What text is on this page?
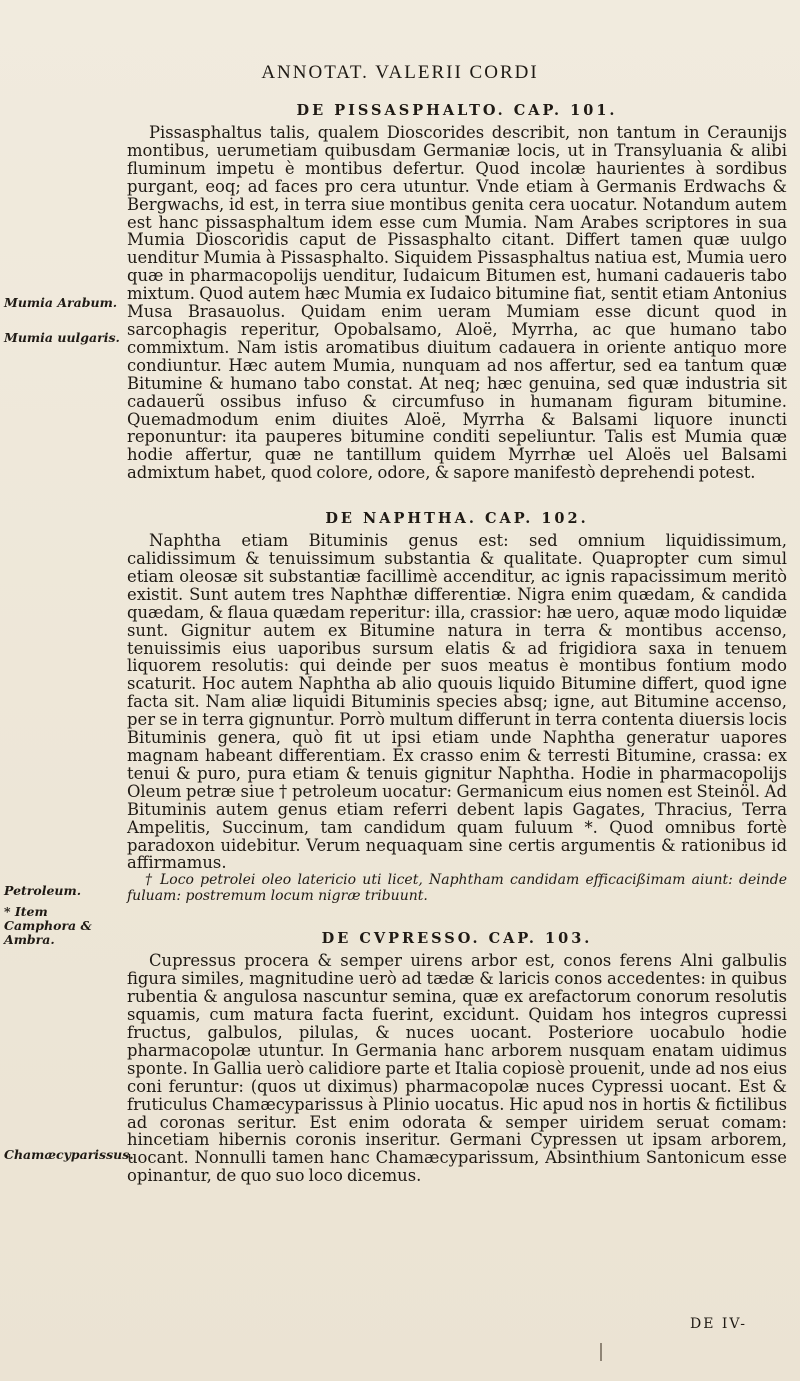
ANNOTAT. VALERII CORDI
Mumia Arabum.
Mumia uulgaris.
Petroleum.
* Item Camphora & Ambra.
Chamæcyparissus.
DE PISSASPHALTO. CAP. 101.

Pissasphaltus talis, qualem Dioscorides describit, non tantum in Ceraunijs montibus, uerumetiam quibusdam Germaniæ locis, ut in Transyluania & alibi fluminum impetu è montibus defertur. Quod incolæ haurientes à sordibus purgant, eoq; ad faces pro cera utuntur. Vnde etiam à Germanis Erdwachs & Bergwachs, id est, in terra siue montibus genita cera uocatur. Notandum autem est hanc pissasphaltum idem esse cum Mumia. Nam Arabes scriptores in sua Mumia Dioscoridis caput de Pissasphalto citant. Differt tamen quæ uulgo uenditur Mumia à Pissasphalto. Siquidem Pissasphaltus natiua est, Mumia uero quæ in pharmacopolijs uenditur, Iudaicum Bitumen est, humani cadaueris tabo mixtum. Quod autem hæc Mumia ex Iudaico bitumine fiat, sentit etiam Antonius Musa Brasauolus. Quidam enim ueram Mumiam esse dicunt quod in sarcophagis reperitur, Opobalsamo, Aloë, Myrrha, ac que humano tabo commixtum. Nam istis aromatibus diuitum cadauera in oriente antiquo more condiuntur. Hæc autem Mumia, nunquam ad nos affertur, sed ea tantum quæ Bitumine & humano tabo constat. At neq; hæc genuina, sed quæ industria sit cadauerũ ossibus infuso & circumfuso in humanam figuram bitumine. Quemadmodum enim diuites Aloë, Myrrha & Balsami liquore inuncti reponuntur: ita pauperes bitumine conditi sepeliuntur. Talis est Mumia quæ hodie affertur, quæ ne tantillum quidem Myrrhæ uel Aloës uel Balsami admixtum habet, quod colore, odore, & sapore manifestò deprehendi potest.

DE NAPHTHA. CAP. 102.

Naphtha etiam Bituminis genus est: sed omnium liquidissimum, calidissimum & tenuissimum substantia & qualitate. Quapropter cum simul etiam oleosæ sit substantiæ facillimè accenditur, ac ignis rapacissimum meritò existit. Sunt autem tres Naphthæ differentiæ. Nigra enim quædam, & candida quædam, & flaua quædam reperitur: illa, crassior: hæ uero, aquæ modo liquidæ sunt. Gignitur autem ex Bitumine natura in terra & montibus accenso, tenuissimis eius uaporibus sursum elatis & ad frigidiora saxa in tenuem liquorem resolutis: qui deinde per suos meatus è montibus fontium modo scaturit. Hoc autem Naphtha ab alio quouis liquido Bitumine differt, quod igne facta sit. Nam aliæ liquidi Bituminis species absq; igne, aut Bitumine accenso, per se in terra gignuntur. Porrò multum differunt in terra contenta diuersis locis Bituminis genera, quò fit ut ipsi etiam unde Naphtha generatur uapores magnam habeant differentiam. Ex crasso enim & terresti Bitumine, crassa: ex tenui & puro, pura etiam & tenuis gignitur Naphtha. Hodie in pharmacopolijs Oleum petræ siue † petroleum uocatur: Germanicum eius nomen est Steinöl. Ad Bituminis autem genus etiam referri debent lapis Gagates, Thracius, Terra Ampelitis, Succinum, tam candidum quam fuluum *. Quod omnibus fortè paradoxon uidebitur. Verum nequaquam sine certis argumentis & rationibus id affirmamus.

† Loco petrolei oleo latericio uti licet, Naphtham candidam efficacißimam aiunt: deinde fuluam: postremum locum nigræ tribuunt.

DE CVPRESSO. CAP. 103.

Cupressus procera & semper uirens arbor est, conos ferens Alni galbulis figura similes, magnitudine uerò ad tædæ & laricis conos accedentes: in quibus rubentia & angulosa nascuntur semina, quæ ex arefactorum conorum resolutis squamis, cum matura facta fuerint, excidunt. Quidam hos integros cupressi fructus, galbulos, pilulas, & nuces uocant. Posteriore uocabulo hodie pharmacopolæ utuntur. In Germania hanc arborem nusquam enatam uidimus sponte. In Gallia uerò calidiore parte et Italia copiosè prouenit, unde ad nos eius coni feruntur: (quos ut diximus) pharmacopolæ nuces Cypressi uocant. Est & fruticulus Chamæcyparissus à Plinio uocatus. Hic apud nos in hortis & fictilibus ad coronas seritur. Est enim odorata & semper uiridem seruat comam: hincetiam hibernis coronis inseritur. Germani Cypressen ut ipsam arborem, uocant. Nonnulli tamen hanc Chamæcyparissum, Absinthium Santonicum esse opinantur, de quo suo loco dicemus.

DE IV-
